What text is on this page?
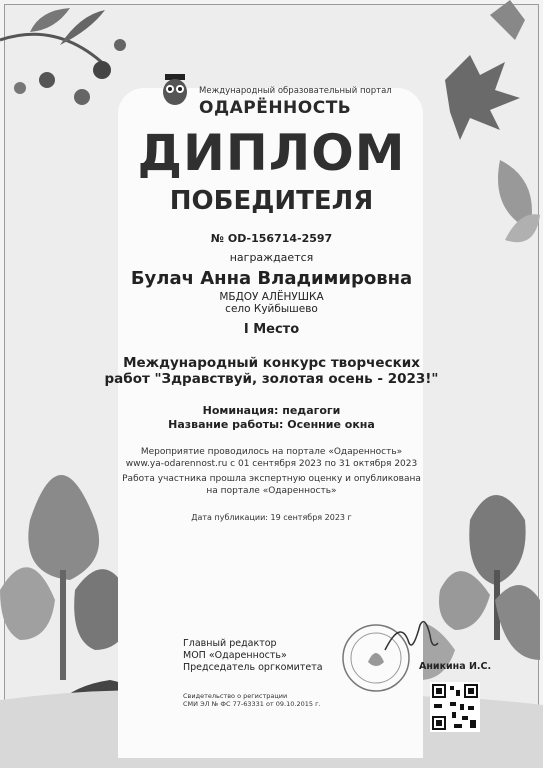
Международный образовательный портал
ОДАРЁННОСТЬ
ДИПЛОМ
ПОБЕДИТЕЛЯ
№ OD-156714-2597
награждается
Булач Анна Владимировна
МБДОУ АЛЁНУШКА
село Куйбышево
I Место
Международный конкурс творческих
работ "Здравствуй, золотая осень - 2023!"
Номинация: педагоги
Название работы: Осенние окна
Мероприятие проводилось на портале «Одаренность»
www.ya-odarennost.ru с 01 сентября 2023 по 31 октября 2023
Работа участника прошла экспертную оценку и опубликована
на портале «Одаренность»
Дата публикации: 19 сентября 2023 г
Главный редактор
МОП «Одаренность»
Председатель оргкомитета
Свидетельство о регистрации
СМИ ЭЛ № ФС 77-63331 от 09.10.2015 г.
Аникина И.С.
